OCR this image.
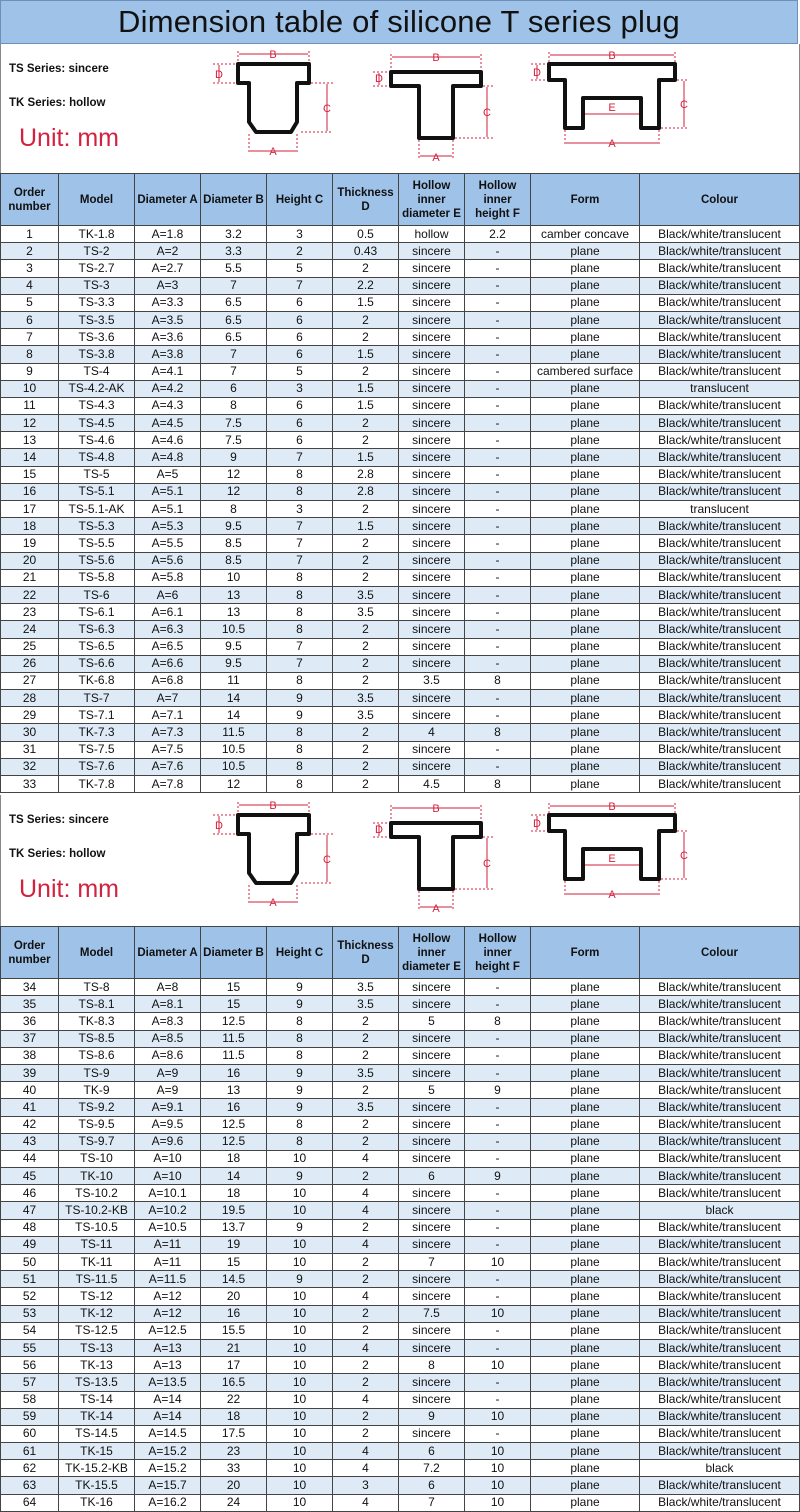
Dimension table of silicone T series plug
TS Series: sincere
TK Series: hollow
Unit: mm
B
D
C
A
B
D
C
A
B
D
C
E
A
Order number	Model	Diameter A	Diameter B	Height C	Thickness D	Hollow inner diameter E	Hollow inner height F	Form	Colour
1	TK-1.8	A=1.8	3.2	3	0.5	hollow	2.2	camber concave	Black/white/translucent
2	TS-2	A=2	3.3	2	0.43	sincere	-	plane	Black/white/translucent
3	TS-2.7	A=2.7	5.5	5	2	sincere	-	plane	Black/white/translucent
4	TS-3	A=3	7	7	2.2	sincere	-	plane	Black/white/translucent
5	TS-3.3	A=3.3	6.5	6	1.5	sincere	-	plane	Black/white/translucent
6	TS-3.5	A=3.5	6.5	6	2	sincere	-	plane	Black/white/translucent
7	TS-3.6	A=3.6	6.5	6	2	sincere	-	plane	Black/white/translucent
8	TS-3.8	A=3.8	7	6	1.5	sincere	-	plane	Black/white/translucent
9	TS-4	A=4.1	7	5	2	sincere	-	cambered surface	Black/white/translucent
10	TS-4.2-AK	A=4.2	6	3	1.5	sincere	-	plane	translucent
11	TS-4.3	A=4.3	8	6	1.5	sincere	-	plane	Black/white/translucent
12	TS-4.5	A=4.5	7.5	6	2	sincere	-	plane	Black/white/translucent
13	TS-4.6	A=4.6	7.5	6	2	sincere	-	plane	Black/white/translucent
14	TS-4.8	A=4.8	9	7	1.5	sincere	-	plane	Black/white/translucent
15	TS-5	A=5	12	8	2.8	sincere	-	plane	Black/white/translucent
16	TS-5.1	A=5.1	12	8	2.8	sincere	-	plane	Black/white/translucent
17	TS-5.1-AK	A=5.1	8	3	2	sincere	-	plane	translucent
18	TS-5.3	A=5.3	9.5	7	1.5	sincere	-	plane	Black/white/translucent
19	TS-5.5	A=5.5	8.5	7	2	sincere	-	plane	Black/white/translucent
20	TS-5.6	A=5.6	8.5	7	2	sincere	-	plane	Black/white/translucent
21	TS-5.8	A=5.8	10	8	2	sincere	-	plane	Black/white/translucent
22	TS-6	A=6	13	8	3.5	sincere	-	plane	Black/white/translucent
23	TS-6.1	A=6.1	13	8	3.5	sincere	-	plane	Black/white/translucent
24	TS-6.3	A=6.3	10.5	8	2	sincere	-	plane	Black/white/translucent
25	TS-6.5	A=6.5	9.5	7	2	sincere	-	plane	Black/white/translucent
26	TS-6.6	A=6.6	9.5	7	2	sincere	-	plane	Black/white/translucent
27	TK-6.8	A=6.8	11	8	2	3.5	8	plane	Black/white/translucent
28	TS-7	A=7	14	9	3.5	sincere	-	plane	Black/white/translucent
29	TS-7.1	A=7.1	14	9	3.5	sincere	-	plane	Black/white/translucent
30	TK-7.3	A=7.3	11.5	8	2	4	8	plane	Black/white/translucent
31	TS-7.5	A=7.5	10.5	8	2	sincere	-	plane	Black/white/translucent
32	TS-7.6	A=7.6	10.5	8	2	sincere	-	plane	Black/white/translucent
33	TK-7.8	A=7.8	12	8	2	4.5	8	plane	Black/white/translucent
TS Series: sincere
TK Series: hollow
Unit: mm
B
D
C
A
B
D
C
A
B
D
C
E
A
Order number	Model	Diameter A	Diameter B	Height C	Thickness D	Hollow inner diameter E	Hollow inner height F	Form	Colour
34	TS-8	A=8	15	9	3.5	sincere	-	plane	Black/white/translucent
35	TS-8.1	A=8.1	15	9	3.5	sincere	-	plane	Black/white/translucent
36	TK-8.3	A=8.3	12.5	8	2	5	8	plane	Black/white/translucent
37	TS-8.5	A=8.5	11.5	8	2	sincere	-	plane	Black/white/translucent
38	TS-8.6	A=8.6	11.5	8	2	sincere	-	plane	Black/white/translucent
39	TS-9	A=9	16	9	3.5	sincere	-	plane	Black/white/translucent
40	TK-9	A=9	13	9	2	5	9	plane	Black/white/translucent
41	TS-9.2	A=9.1	16	9	3.5	sincere	-	plane	Black/white/translucent
42	TS-9.5	A=9.5	12.5	8	2	sincere	-	plane	Black/white/translucent
43	TS-9.7	A=9.6	12.5	8	2	sincere	-	plane	Black/white/translucent
44	TS-10	A=10	18	10	4	sincere	-	plane	Black/white/translucent
45	TK-10	A=10	14	9	2	6	9	plane	Black/white/translucent
46	TS-10.2	A=10.1	18	10	4	sincere	-	plane	Black/white/translucent
47	TS-10.2-KB	A=10.2	19.5	10	4	sincere	-	plane	black
48	TS-10.5	A=10.5	13.7	9	2	sincere	-	plane	Black/white/translucent
49	TS-11	A=11	19	10	4	sincere	-	plane	Black/white/translucent
50	TK-11	A=11	15	10	2	7	10	plane	Black/white/translucent
51	TS-11.5	A=11.5	14.5	9	2	sincere	-	plane	Black/white/translucent
52	TS-12	A=12	20	10	4	sincere	-	plane	Black/white/translucent
53	TK-12	A=12	16	10	2	7.5	10	plane	Black/white/translucent
54	TS-12.5	A=12.5	15.5	10	2	sincere	-	plane	Black/white/translucent
55	TS-13	A=13	21	10	4	sincere	-	plane	Black/white/translucent
56	TK-13	A=13	17	10	2	8	10	plane	Black/white/translucent
57	TS-13.5	A=13.5	16.5	10	2	sincere	-	plane	Black/white/translucent
58	TS-14	A=14	22	10	4	sincere	-	plane	Black/white/translucent
59	TK-14	A=14	18	10	2	9	10	plane	Black/white/translucent
60	TS-14.5	A=14.5	17.5	10	2	sincere	-	plane	Black/white/translucent
61	TK-15	A=15.2	23	10	4	6	10	plane	Black/white/translucent
62	TK-15.2-KB	A=15.2	33	10	4	7.2	10	plane	black
63	TK-15.5	A=15.7	20	10	3	6	10	plane	Black/white/translucent
64	TK-16	A=16.2	24	10	4	7	10	plane	Black/white/translucent
